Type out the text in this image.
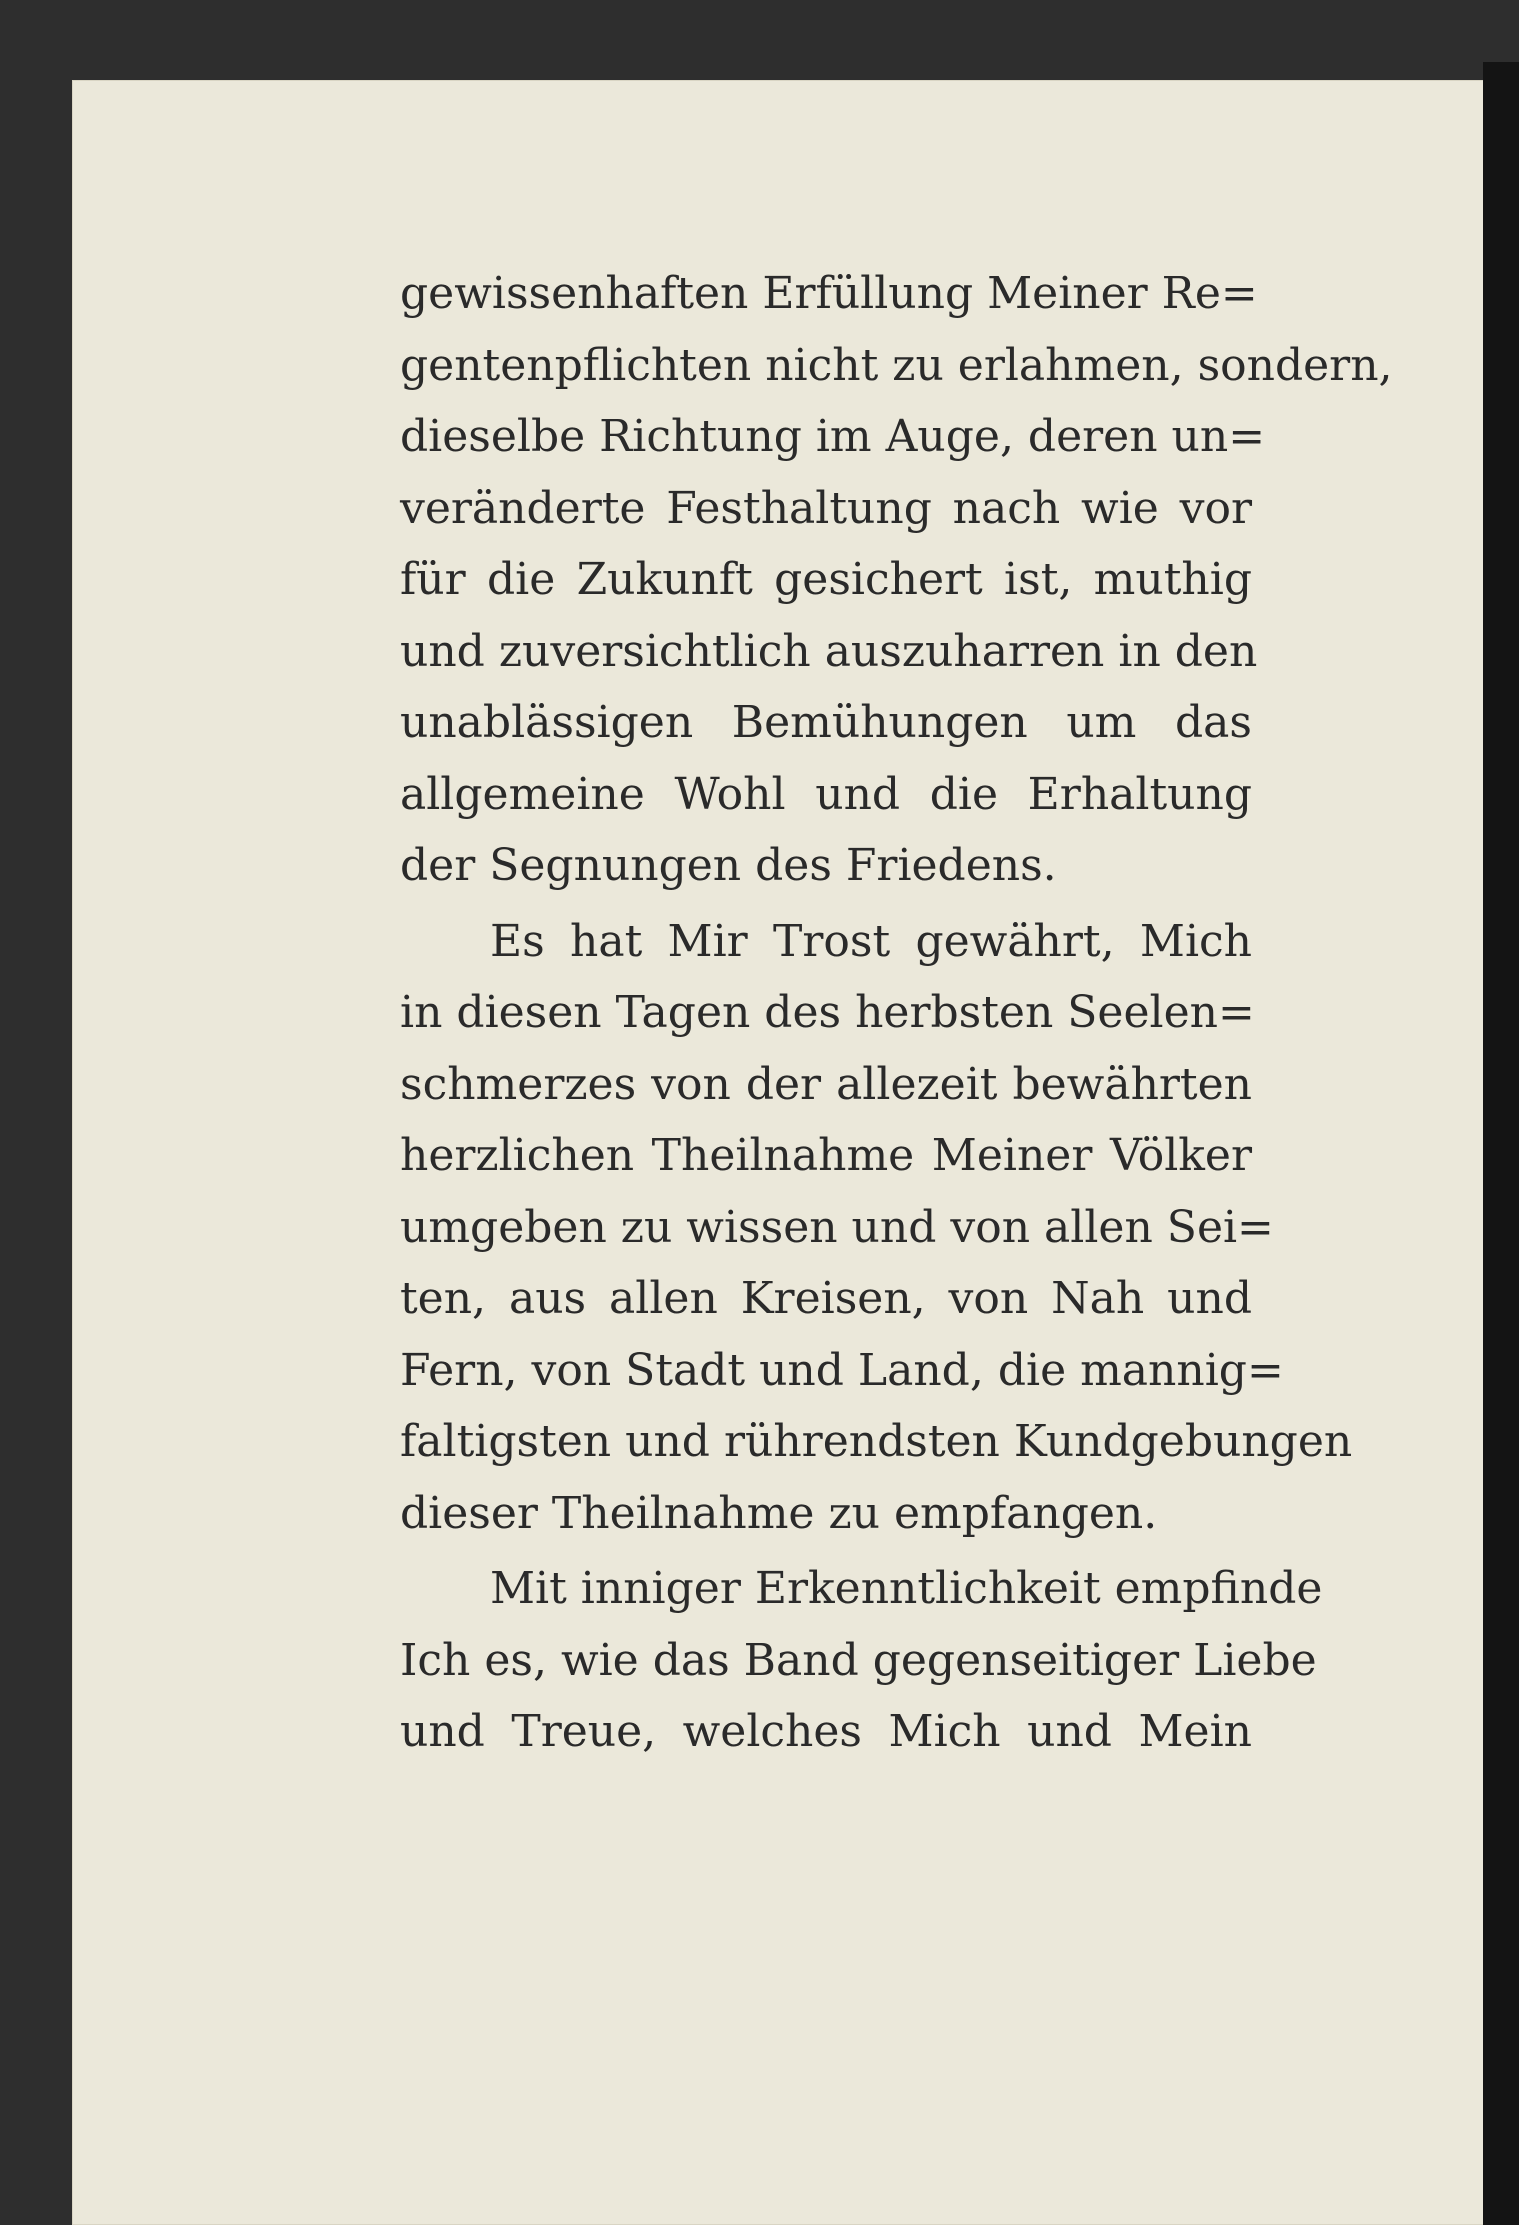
gewissenhaften Erfüllung Meiner Re=
gentenpflichten nicht zu erlahmen, sondern,
dieselbe Richtung im Auge, deren un=
veränderte Festhaltung nach wie vor
für die Zukunft gesichert ist, muthig
und zuversichtlich auszuharren in den
unablässigen Bemühungen um das
allgemeine Wohl und die Erhaltung
der Segnungen des Friedens.
Es hat Mir Trost gewährt, Mich
in diesen Tagen des herbsten Seelen=
schmerzes von der allezeit bewährten
herzlichen Theilnahme Meiner Völker
umgeben zu wissen und von allen Sei=
ten, aus allen Kreisen, von Nah und
Fern, von Stadt und Land, die mannig=
faltigsten und rührendsten Kundgebungen
dieser Theilnahme zu empfangen.
Mit inniger Erkenntlichkeit empfinde
Ich es, wie das Band gegenseitiger Liebe
und Treue, welches Mich und Mein
